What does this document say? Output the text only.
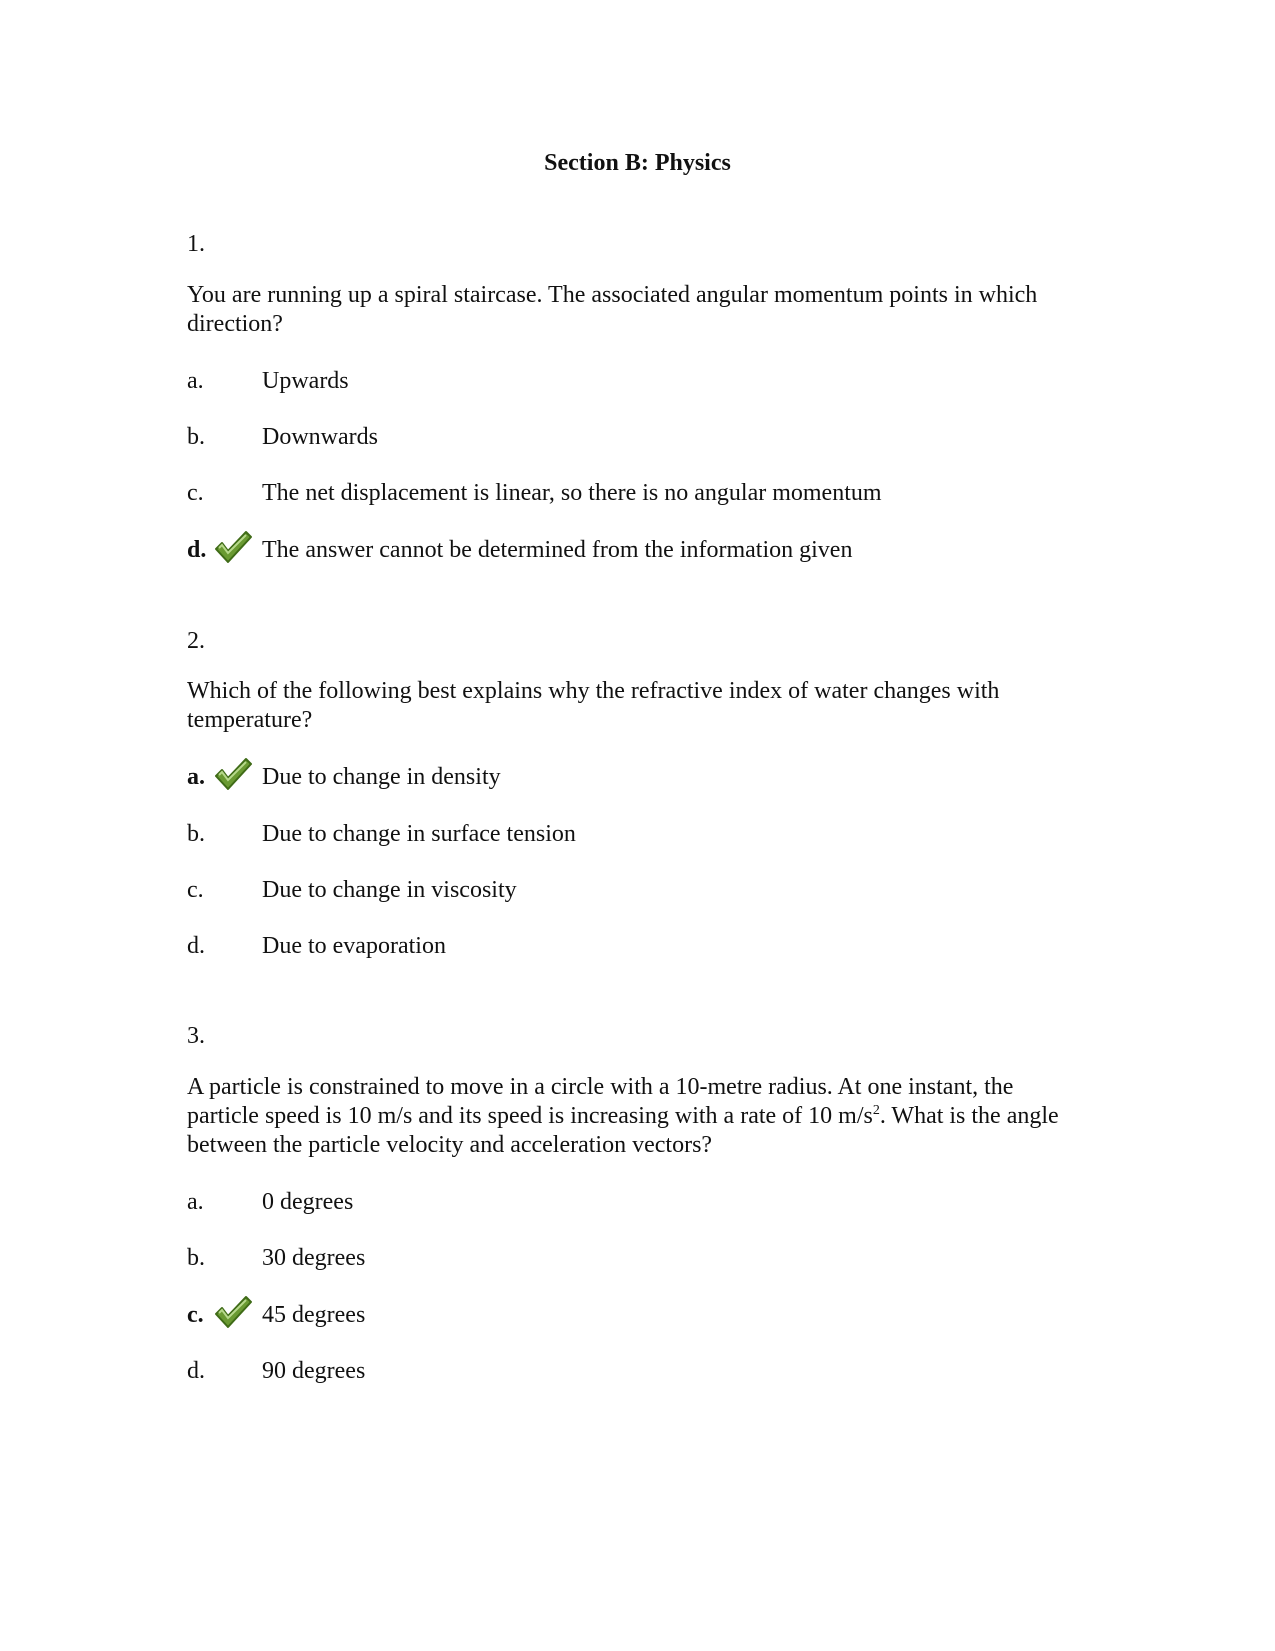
Section B: Physics
1.
You are running up a spiral staircase. The associated angular momentum points in which direction?
a. Upwards
b. Downwards
c. The net displacement is linear, so there is no angular momentum
d. The answer cannot be determined from the information given
2.
Which of the following best explains why the refractive index of water changes with temperature?
a. Due to change in density
b. Due to change in surface tension
c. Due to change in viscosity
d. Due to evaporation
3.
A particle is constrained to move in a circle with a 10-metre radius. At one instant, the particle speed is 10 m/s and its speed is increasing with a rate of 10 $m/s^2$. What is the angle between the particle velocity and acceleration vectors?
a. 0 degrees
b. 30 degrees
c. 45 degrees
d. 90 degrees
